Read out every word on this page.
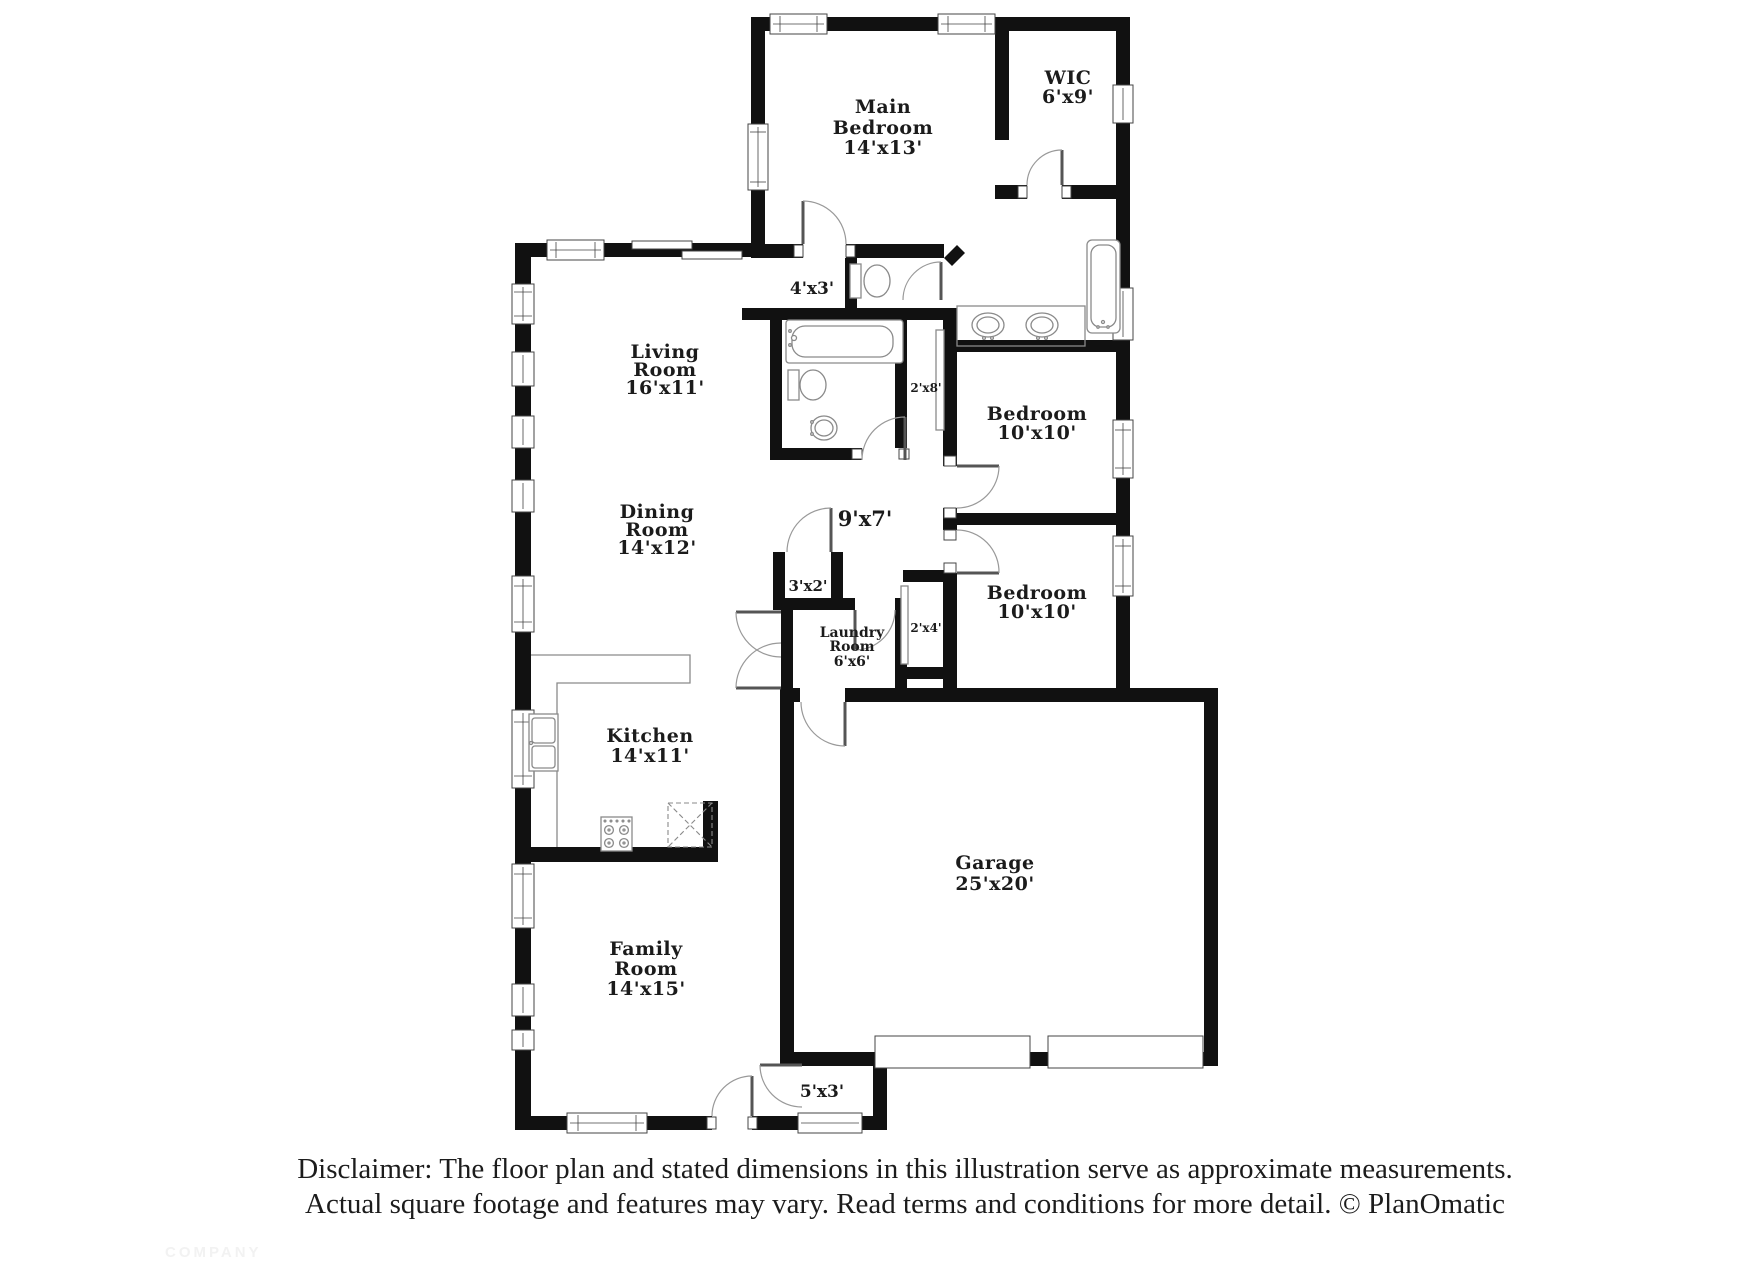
Main
Bedroom
14'x13'
WIC
6'x9'
Living
Room
16'x11'
Dining
Room
14'x12'
Kitchen
14'x11'
Family
Room
14'x15'
Laundry
Room
6'x6'
Bedroom
10'x10'
Bedroom
10'x10'
Garage
25'x20'
4'x3'
9'x7'
3'x2'
2'x8'
2'x4'
5'x3'
Disclaimer: The floor plan and stated dimensions in this illustration serve as approximate measurements.
Actual square footage and features may vary. Read terms and conditions for more detail. © PlanOmatic
COMPANY
